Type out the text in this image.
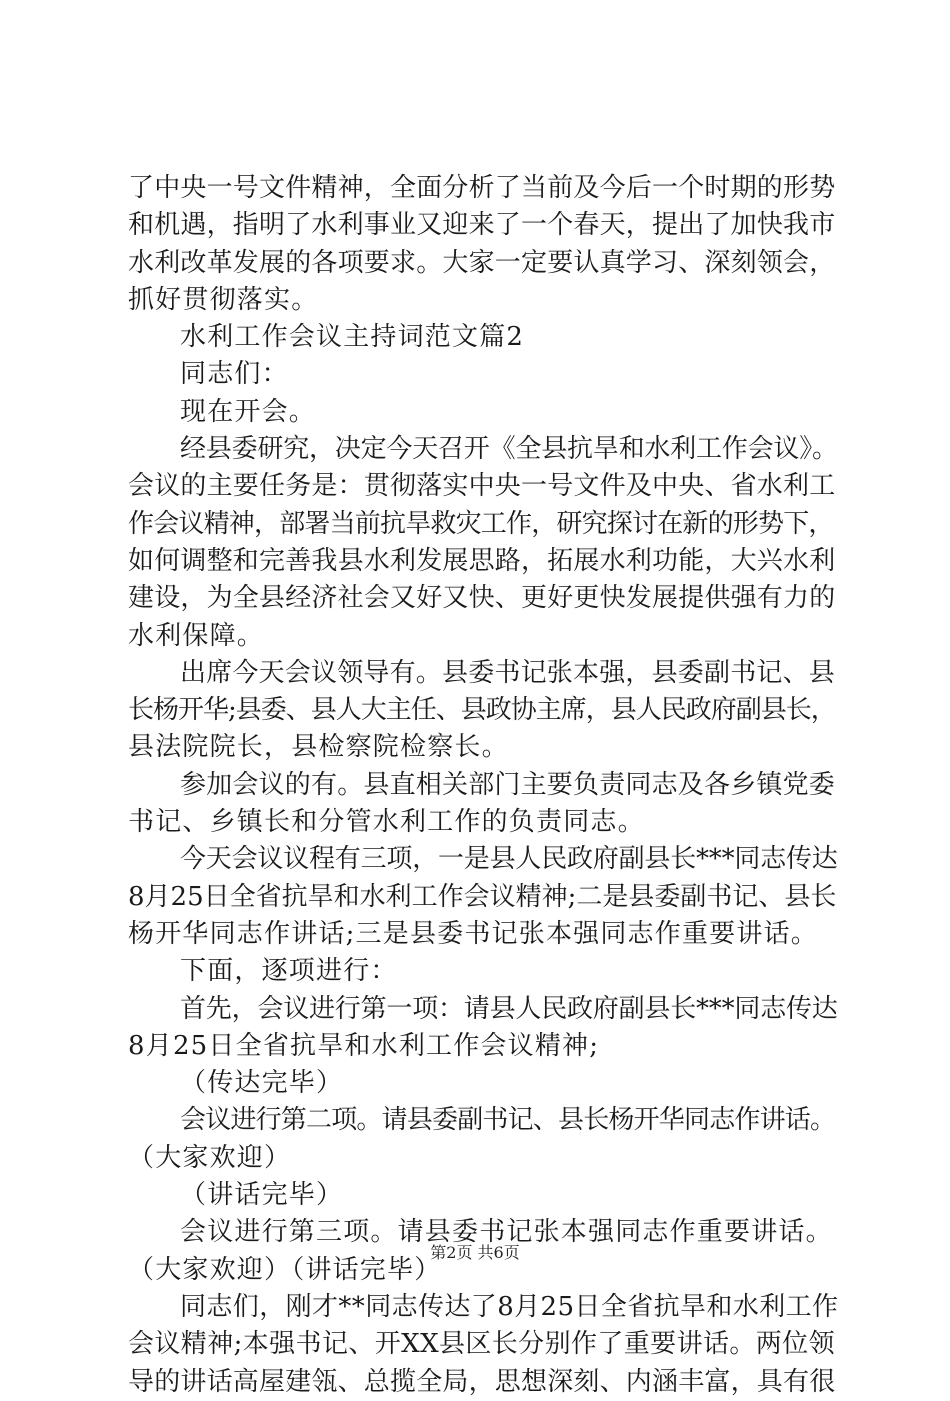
了中央一号文件精神，全面分析了当前及今后一个时期的形势
和机遇，指明了水利事业又迎来了一个春天，提出了加快我市
水利改革发展的各项要求。大家一定要认真学习、深刻领会，
抓好贯彻落实。
水利工作会议主持词范文篇2
同志们：
现在开会。
经县委研究，决定今天召开《全县抗旱和水利工作会议》。
会议的主要任务是：贯彻落实中央一号文件及中央、省水利工
作会议精神，部署当前抗旱救灾工作，研究探讨在新的形势下，
如何调整和完善我县水利发展思路，拓展水利功能，大兴水利
建设，为全县经济社会又好又快、更好更快发展提供强有力的
水利保障。
出席今天会议领导有。县委书记张本强，县委副书记、县
长杨开华;县委、县人大主任、县政协主席，县人民政府副县长，
县法院院长，县检察院检察长。
参加会议的有。县直相关部门主要负责同志及各乡镇党委
书记、乡镇长和分管水利工作的负责同志。
今天会议议程有三项，一是县人民政府副县长***同志传达
8月25日全省抗旱和水利工作会议精神;二是县委副书记、县长
杨开华同志作讲话;三是县委书记张本强同志作重要讲话。
下面，逐项进行：
首先，会议进行第一项：请县人民政府副县长***同志传达
8月25日全省抗旱和水利工作会议精神;
（传达完毕）
会议进行第二项。请县委副书记、县长杨开华同志作讲话。
（大家欢迎）
（讲话完毕）
会议进行第三项。请县委书记张本强同志作重要讲话。
（大家欢迎）（讲话完毕）
同志们，刚才**同志传达了8月25日全省抗旱和水利工作
会议精神;本强书记、开XX县区长分别作了重要讲话。两位领
导的讲话高屋建瓴、总揽全局，思想深刻、内涵丰富，具有很
第2页 共6页
